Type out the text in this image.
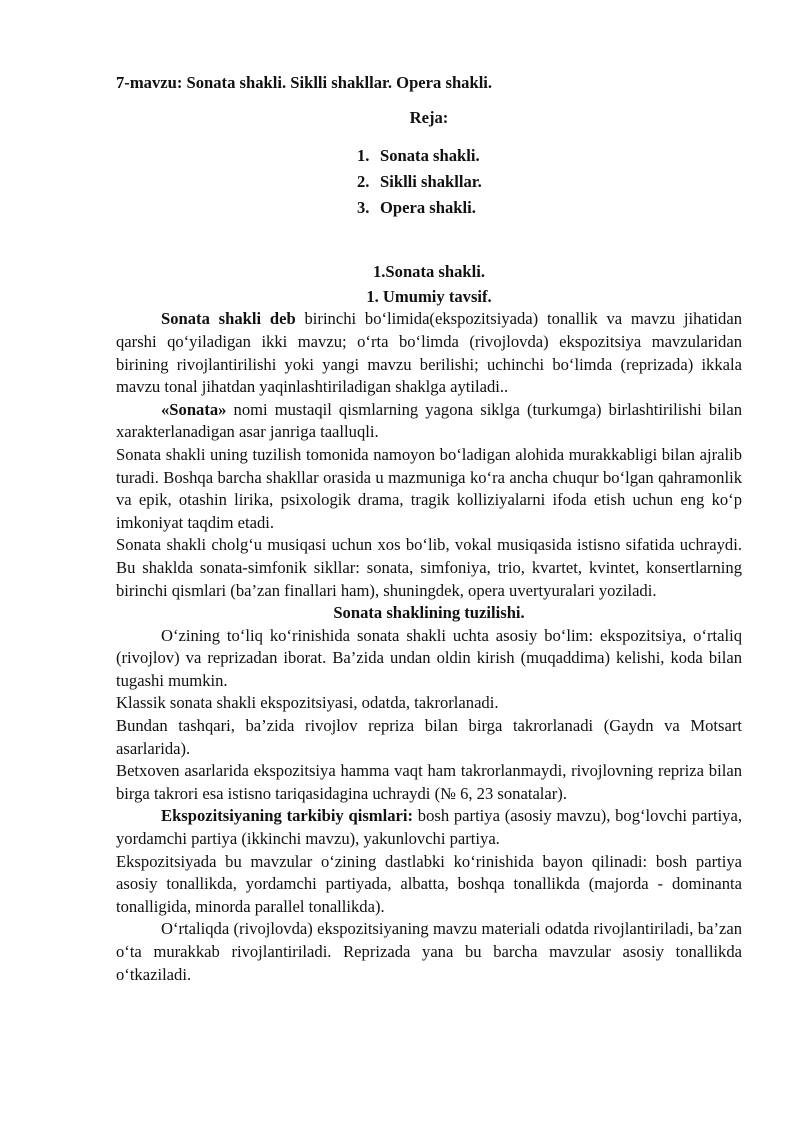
7-mavzu: Sonata shakli. Siklli shakllar. Opera shakli.
Reja:
1. Sonata shakli.
2. Siklli shakllar.
3. Opera shakli.
1.Sonata shakli.
1. Umumiy tavsif.

Sonata shakli deb birinchi bo‘limida(ekspozitsiyada) tonallik va mavzu jihatidan qarshi qo‘yiladigan ikki mavzu; o‘rta bo‘limda (rivojlovda) ekspozitsiya mavzularidan birining rivojlantirilishi yoki yangi mavzu berilishi; uchinchi bo‘limda (reprizada) ikkala mavzu tonal jihatdan yaqinlashtiriladigan shaklga aytiladi..

«Sonata» nomi mustaqil qismlarning yagona siklga (turkumga) birlashtirilishi bilan xarakterlanadigan asar janriga taalluqli.

Sonata shakli uning tuzilish tomonida namoyon bo‘ladigan alohida murakkabligi bilan ajralib turadi. Boshqa barcha shakllar orasida u mazmuniga ko‘ra ancha chuqur bo‘lgan qahramonlik va epik, otashin lirika, psixologik drama, tragik kolliziyalarni ifoda etish uchun eng ko‘p imkoniyat taqdim etadi.

Sonata shakli cholg‘u musiqasi uchun xos bo‘lib, vokal musiqasida istisno sifatida uchraydi. Bu shaklda sonata-simfonik sikllar: sonata, simfoniya, trio, kvartet, kvintet, konsertlarning birinchi qismlari (ba’zan finallari ham), shuningdek, opera uvertyuralari yoziladi.

Sonata shaklining tuzilishi.

O‘zining to‘liq ko‘rinishida sonata shakli uchta asosiy bo‘lim: ekspozitsiya, o‘rtaliq (rivojlov) va reprizadan iborat. Ba’zida undan oldin kirish (muqaddima) kelishi, koda bilan tugashi mumkin.

Klassik sonata shakli ekspozitsiyasi, odatda, takrorlanadi.

Bundan tashqari, ba’zida rivojlov repriza bilan birga takrorlanadi (Gaydn va Motsart asarlarida).

Betxoven asarlarida ekspozitsiya hamma vaqt ham takrorlanmaydi, rivojlovning repriza bilan birga takrori esa istisno tariqasidagina uchraydi (№ 6, 23 sonatalar).

Ekspozitsiyaning tarkibiy qismlari: bosh partiya (asosiy mavzu), bog‘lovchi partiya, yordamchi partiya (ikkinchi mavzu), yakunlovchi partiya.

Ekspozitsiyada bu mavzular o‘zining dastlabki ko‘rinishida bayon qilinadi: bosh partiya asosiy tonallikda, yordamchi partiyada, albatta, boshqa tonallikda (majorda - dominanta tonalligida, minorda parallel tonallikda).

O‘rtaliqda (rivojlovda) ekspozitsiyaning mavzu materiali odatda rivojlantiriladi, ba’zan o‘ta murakkab rivojlantiriladi. Reprizada yana bu barcha mavzular asosiy tonallikda o‘tkaziladi.
